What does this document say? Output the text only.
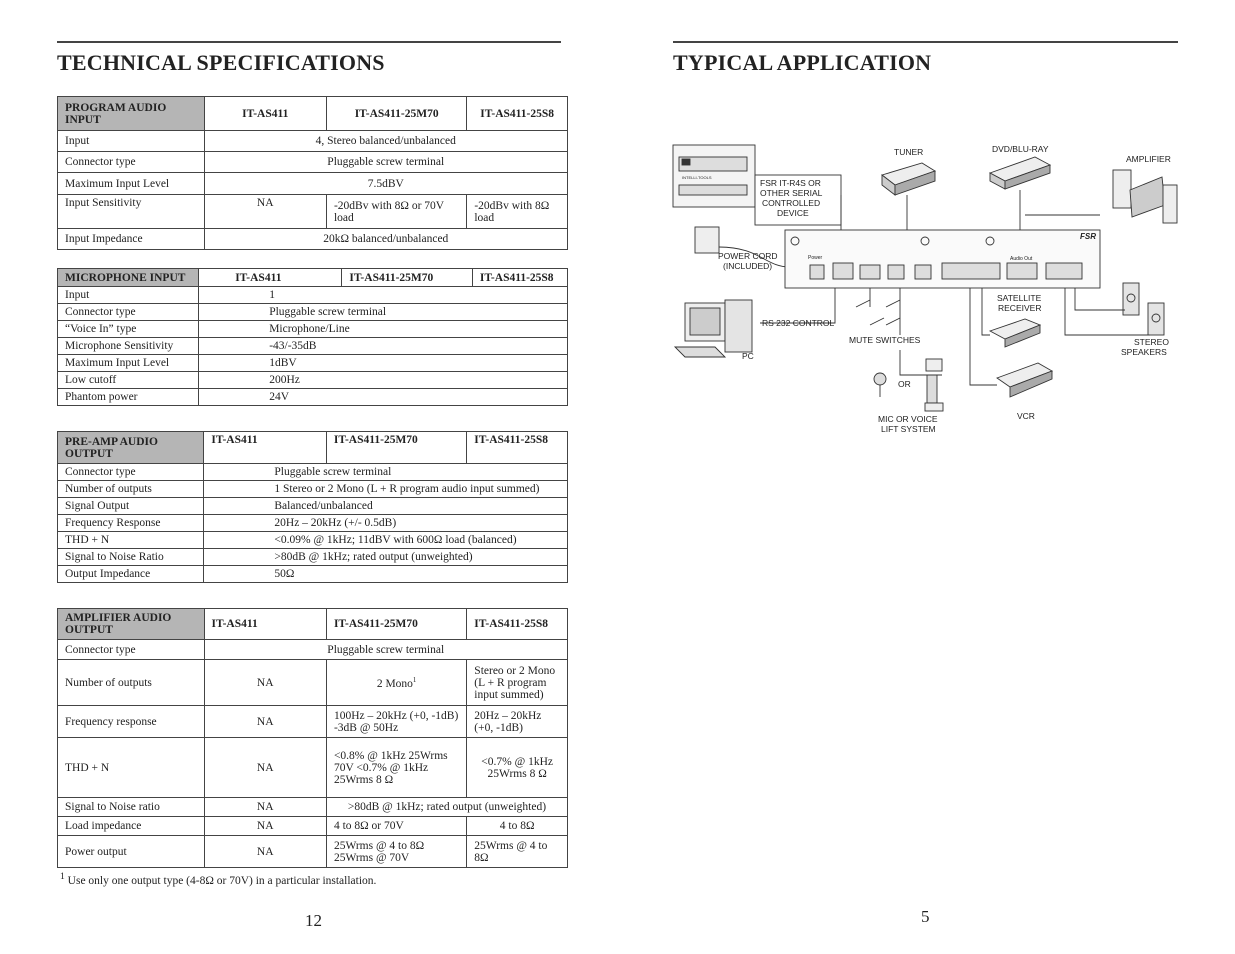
TECHNICAL SPECIFICATIONS
PROGRAM AUDIO INPUT	IT-AS411	IT-AS411-25M70	IT-AS411-25S8
Input	4, Stereo balanced/unbalanced		
Connector type	Pluggable screw terminal		
Maximum Input Level	7.5dBV		
Input Sensitivity	NA	-20dBv with 8Ω or 70V load	-20dBv with 8Ω load
Input Impedance	20kΩ balanced/unbalanced		
MICROPHONE INPUT	IT-AS411	IT-AS411-25M70	IT-AS411-25S8
Input	1		
Connector type	Pluggable screw terminal		
“Voice In” type	Microphone/Line		
Microphone Sensitivity	-43/-35dB		
Maximum Input Level	1dBV		
Low cutoff	200Hz		
Phantom power	24V		
PRE-AMP AUDIO OUTPUT	IT-AS411	IT-AS411-25M70	IT-AS411-25S8
Connector type	Pluggable screw terminal		
Number of outputs	1 Stereo or 2 Mono (L + R program audio input summed)		
Signal Output	Balanced/unbalanced		
Frequency Response	20Hz – 20kHz (+/- 0.5dB)		
THD + N	<0.09% @ 1kHz; 11dBV with 600Ω load (balanced)		
Signal to Noise Ratio	>80dB @ 1kHz; rated output (unweighted)		
Output Impedance	50Ω		
AMPLIFIER AUDIO OUTPUT	IT-AS411	IT-AS411-25M70	IT-AS411-25S8
Connector type	Pluggable screw terminal		
Number of outputs	NA	2 Mono$^1$	Stereo or 2 Mono (L + R program input summed)
Frequency response	NA	100Hz – 20kHz (+0, -1dB) -3dB @ 50Hz	20Hz – 20kHz (+0, -1dB)
THD + N	NA	<0.8% @ 1kHz 25Wrms 70V <0.7% @ 1kHz 25Wrms 8 Ω	<0.7% @ 1kHz 25Wrms 8 Ω
Signal to Noise ratio	NA	>80dB @ 1kHz; rated output (unweighted)	
Load impedance	NA	4 to 8Ω or 70V	4 to 8Ω
Power output	NA	25Wrms @ 4 to 8Ω 25Wrms @ 70V	25Wrms @ 4 to 8Ω
$^1$ Use only one output type (4-8Ω or 70V) in a particular installation.
12
TYPICAL APPLICATION
TUNER	DVD/BLU-RAY
AMPLIFIER
FSR IT-R4S OR
OTHER SERIAL
CONTROLLED
DEVICE
POWER CORD
(INCLUDED)
SATELLITE
RECEIVER
RS 232 CONTROL
MUTE SWITCHES
PC
STEREO
SPEAKERS
OR
MIC OR VOICE
LIFT SYSTEM
VCR
FSR
INTELLI-TOOLS
Power	Audio Out
5
